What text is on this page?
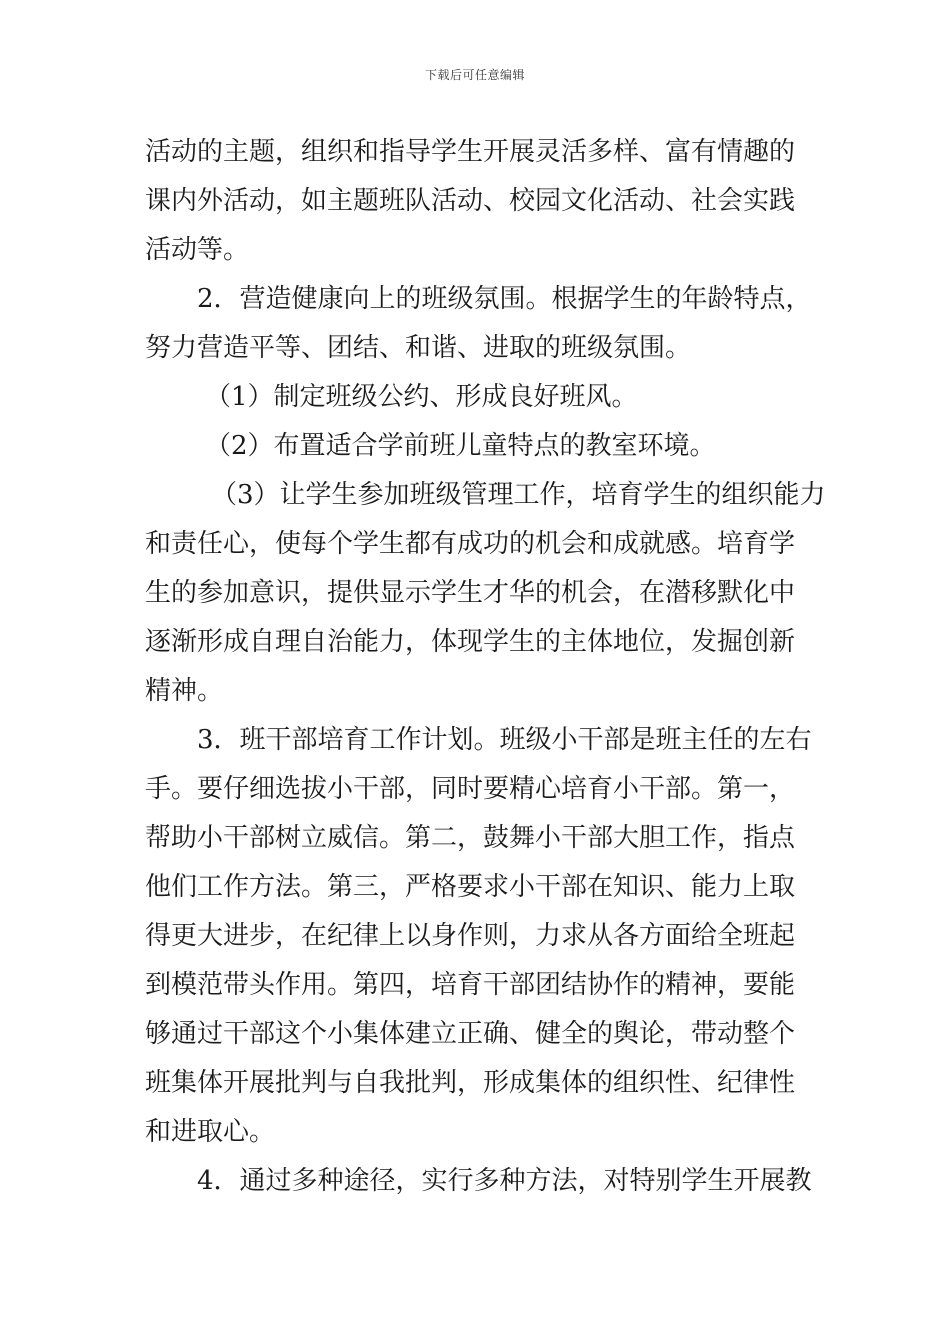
下载后可任意编辑
活动的主题，组织和指导学生开展灵活多样、富有情趣的
课内外活动，如主题班队活动、校园文化活动、社会实践
活动等。
2．营造健康向上的班级氛围。根据学生的年龄特点，
努力营造平等、团结、和谐、进取的班级氛围。
（1）制定班级公约、形成良好班风。
（2）布置适合学前班儿童特点的教室环境。
（3）让学生参加班级管理工作，培育学生的组织能力
和责任心，使每个学生都有成功的机会和成就感。培育学
生的参加意识，提供显示学生才华的机会，在潜移默化中
逐渐形成自理自治能力，体现学生的主体地位，发掘创新
精神。
3．班干部培育工作计划。班级小干部是班主任的左右
手。要仔细选拔小干部，同时要精心培育小干部。第一，
帮助小干部树立威信。第二，鼓舞小干部大胆工作，指点
他们工作方法。第三，严格要求小干部在知识、能力上取
得更大进步，在纪律上以身作则，力求从各方面给全班起
到模范带头作用。第四，培育干部团结协作的精神，要能
够通过干部这个小集体建立正确、健全的舆论，带动整个
班集体开展批判与自我批判，形成集体的组织性、纪律性
和进取心。
4．通过多种途径，实行多种方法，对特别学生开展教
